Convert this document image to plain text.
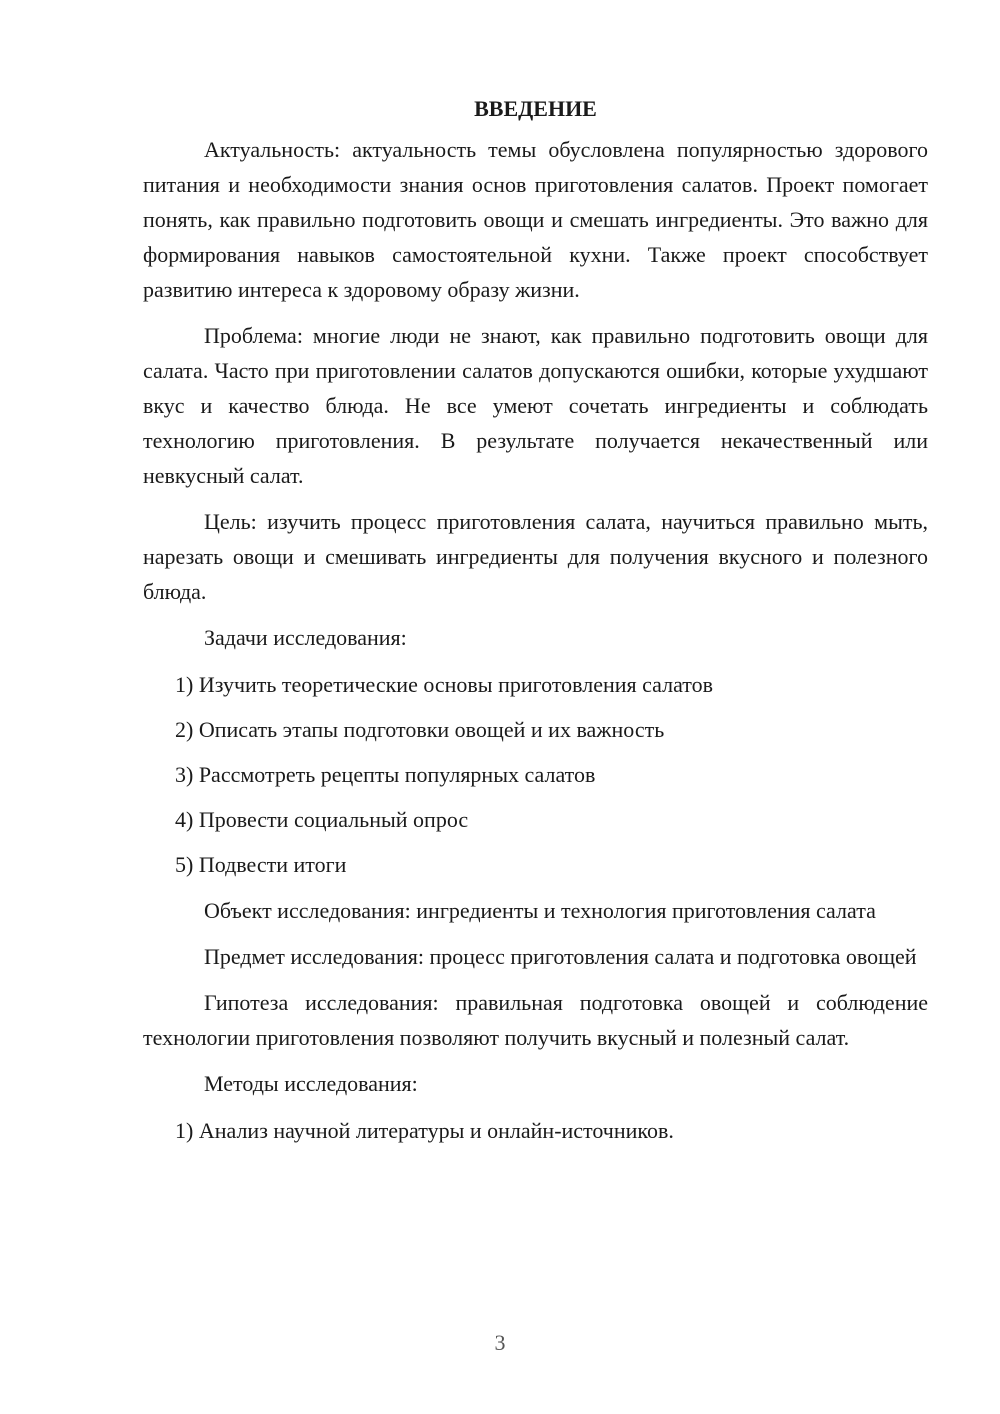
ВВЕДЕНИЕ

Актуальность: актуальность темы обусловлена популярностью здорового питания и необходимости знания основ приготовления салатов. Проект помогает понять, как правильно подготовить овощи и смешать ингредиенты. Это важно для формирования навыков самостоятельной кухни. Также проект способствует развитию интереса к здоровому образу жизни.

Проблема: многие люди не знают, как правильно подготовить овощи для салата. Часто при приготовлении салатов допускаются ошибки, которые ухудшают вкус и качество блюда. Не все умеют сочетать ингредиенты и соблюдать технологию приготовления. В результате получается некачественный или невкусный салат.

Цель: изучить процесс приготовления салата, научиться правильно мыть, нарезать овощи и смешивать ингредиенты для получения вкусного и полезного блюда.

Задачи исследования:

1) Изучить теоретические основы приготовления салатов

2) Описать этапы подготовки овощей и их важность

3) Рассмотреть рецепты популярных салатов

4) Провести социальный опрос

5) Подвести итоги

Объект исследования: ингредиенты и технология приготовления салата

Предмет исследования: процесс приготовления салата и подготовка овощей

Гипотеза исследования: правильная подготовка овощей и соблюдение технологии приготовления позволяют получить вкусный и полезный салат.

Методы исследования:

1) Анализ научной литературы и онлайн-источников.

3
